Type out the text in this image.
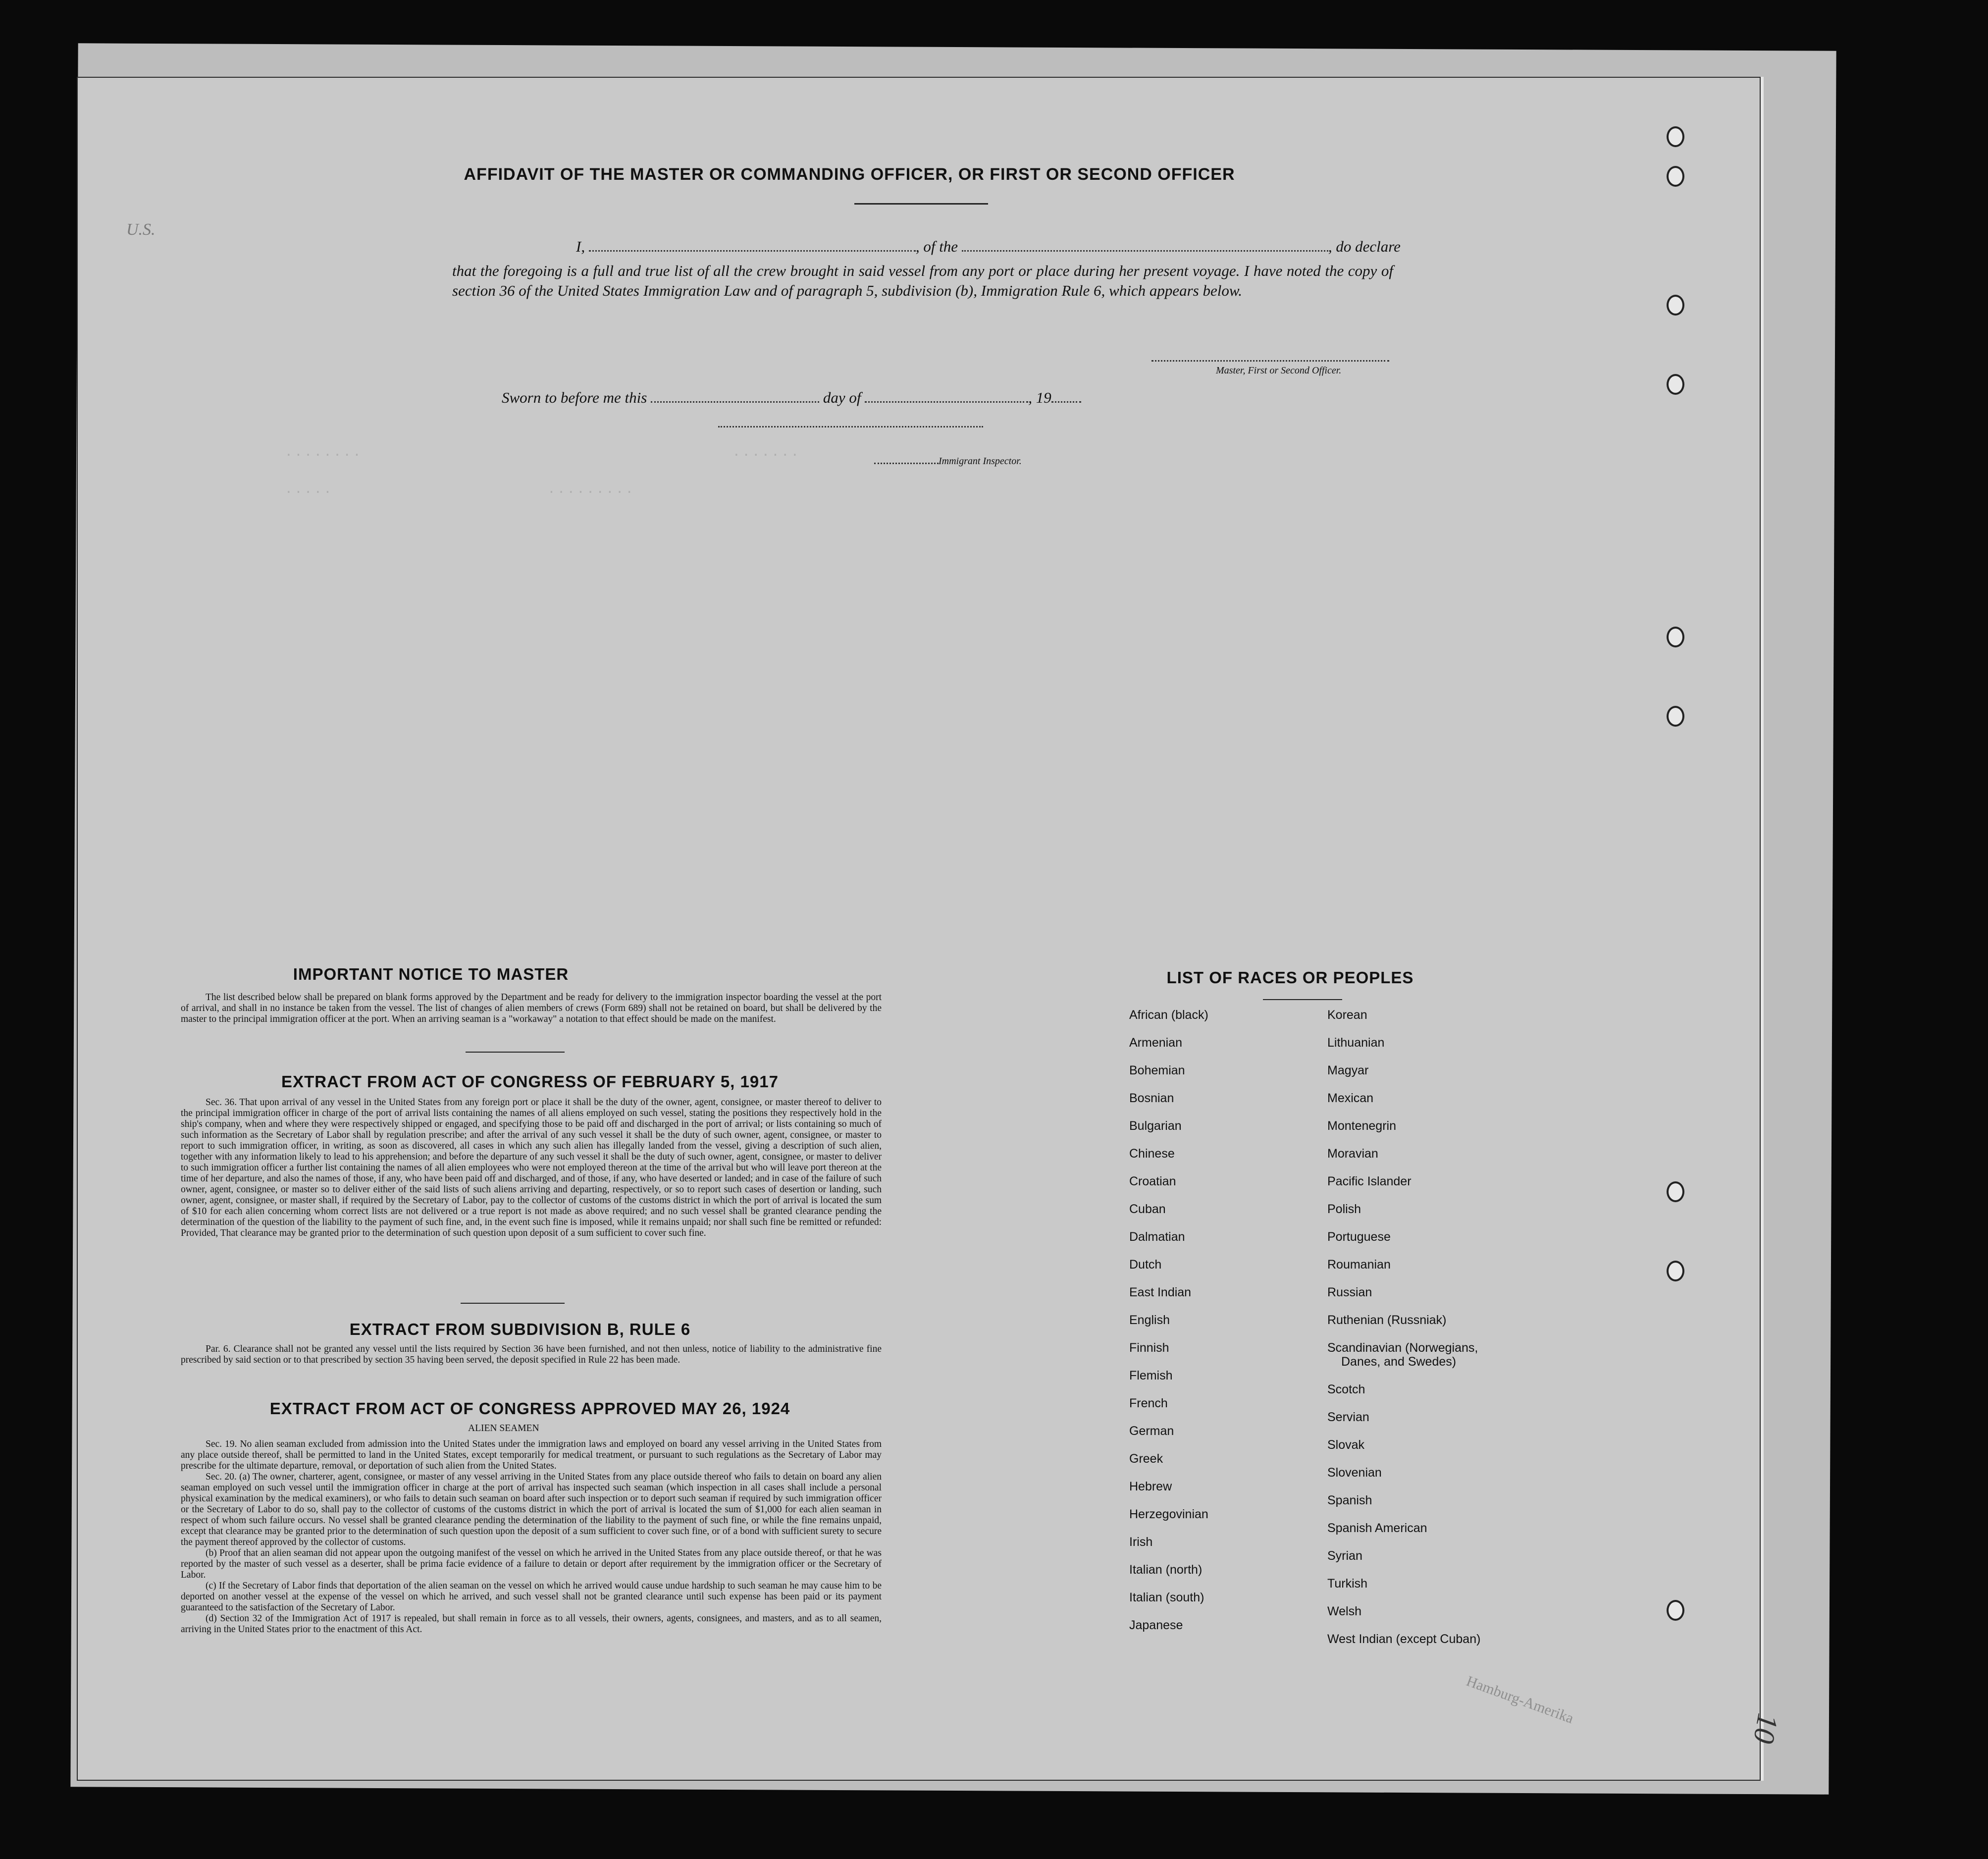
........                                      .......
.....                      .........
U.S.
AFFIDAVIT OF THE MASTER OR COMMANDING OFFICER, OR FIRST OR SECOND OFFICER
I,	, of the	, do declare
that the foregoing is a full and true list of all the crew brought in said vessel from any port or place during her present voyage. I have noted the copy of section 36 of the United States Immigration Law and of paragraph 5, subdivision (b), Immigration Rule 6, which appears below.
Master, First or Second Officer.
Sworn to before me this	day of	, 19
Immigrant Inspector.
IMPORTANT NOTICE TO MASTER
The list described below shall be prepared on blank forms approved by the Department and be ready for delivery to the immigration inspector boarding the vessel at the port of arrival, and shall in no instance be taken from the vessel. The list of changes of alien members of crews (Form 689) shall not be retained on board, but shall be delivered by the master to the principal immigration officer at the port. When an arriving seaman is a "workaway" a notation to that effect should be made on the manifest.
EXTRACT FROM ACT OF CONGRESS OF FEBRUARY 5, 1917
Sec. 36. That upon arrival of any vessel in the United States from any foreign port or place it shall be the duty of the owner, agent, consignee, or master thereof to deliver to the principal immigration officer in charge of the port of arrival lists containing the names of all aliens employed on such vessel, stating the positions they respectively hold in the ship's company, when and where they were respectively shipped or engaged, and specifying those to be paid off and discharged in the port of arrival; or lists containing so much of such information as the Secretary of Labor shall by regulation prescribe; and after the arrival of any such vessel it shall be the duty of such owner, agent, consignee, or master to report to such immigration officer, in writing, as soon as discovered, all cases in which any such alien has illegally landed from the vessel, giving a description of such alien, together with any information likely to lead to his apprehension; and before the departure of any such vessel it shall be the duty of such owner, agent, consignee, or master to deliver to such immigration officer a further list containing the names of all alien employees who were not employed thereon at the time of the arrival but who will leave port thereon at the time of her departure, and also the names of those, if any, who have been paid off and discharged, and of those, if any, who have deserted or landed; and in case of the failure of such owner, agent, consignee, or master so to deliver either of the said lists of such aliens arriving and departing, respectively, or so to report such cases of desertion or landing, such owner, agent, consignee, or master shall, if required by the Secretary of Labor, pay to the collector of customs of the customs district in which the port of arrival is located the sum of $10 for each alien concerning whom correct lists are not delivered or a true report is not made as above required; and no such vessel shall be granted clearance pending the determination of the question of the liability to the payment of such fine, and, in the event such fine is imposed, while it remains unpaid; nor shall such fine be remitted or refunded: Provided, That clearance may be granted prior to the determination of such question upon deposit of a sum sufficient to cover such fine.
EXTRACT FROM SUBDIVISION B, RULE 6
Par. 6. Clearance shall not be granted any vessel until the lists required by Section 36 have been furnished, and not then unless, notice of liability to the administrative fine prescribed by said section or to that prescribed by section 35 having been served, the deposit specified in Rule 22 has been made.
EXTRACT FROM ACT OF CONGRESS APPROVED MAY 26, 1924
ALIEN SEAMEN
Sec. 19. No alien seaman excluded from admission into the United States under the immigration laws and employed on board any vessel arriving in the United States from any place outside thereof, shall be permitted to land in the United States, except temporarily for medical treatment, or pursuant to such regulations as the Secretary of Labor may prescribe for the ultimate departure, removal, or deportation of such alien from the United States.
Sec. 20. (a) The owner, charterer, agent, consignee, or master of any vessel arriving in the United States from any place outside thereof who fails to detain on board any alien seaman employed on such vessel until the immigration officer in charge at the port of arrival has inspected such seaman (which inspection in all cases shall include a personal physical examination by the medical examiners), or who fails to detain such seaman on board after such inspection or to deport such seaman if required by such immigration officer or the Secretary of Labor to do so, shall pay to the collector of customs of the customs district in which the port of arrival is located the sum of $1,000 for each alien seaman in respect of whom such failure occurs. No vessel shall be granted clearance pending the determination of the liability to the payment of such fine, or while the fine remains unpaid, except that clearance may be granted prior to the determination of such question upon the deposit of a sum sufficient to cover such fine, or of a bond with sufficient surety to secure the payment thereof approved by the collector of customs.
(b) Proof that an alien seaman did not appear upon the outgoing manifest of the vessel on which he arrived in the United States from any place outside thereof, or that he was reported by the master of such vessel as a deserter, shall be prima facie evidence of a failure to detain or deport after requirement by the immigration officer or the Secretary of Labor.
(c) If the Secretary of Labor finds that deportation of the alien seaman on the vessel on which he arrived would cause undue hardship to such seaman he may cause him to be deported on another vessel at the expense of the vessel on which he arrived, and such vessel shall not be granted clearance until such expense has been paid or its payment guaranteed to the satisfaction of the Secretary of Labor.
(d) Section 32 of the Immigration Act of 1917 is repealed, but shall remain in force as to all vessels, their owners, agents, consignees, and masters, and as to all seamen, arriving in the United States prior to the enactment of this Act.
LIST OF RACES OR PEOPLES
African (black)
Armenian
Bohemian
Bosnian
Bulgarian
Chinese
Croatian
Cuban
Dalmatian
Dutch
East Indian
English
Finnish
Flemish
French
German
Greek
Hebrew
Herzegovinian
Irish
Italian (north)
Italian (south)
Japanese
Korean
Lithuanian
Magyar
Mexican
Montenegrin
Moravian
Pacific Islander
Polish
Portuguese
Roumanian
Russian
Ruthenian (Russniak)
Scandinavian (Norwegians,
Danes, and Swedes)
Scotch
Servian
Slovak
Slovenian
Spanish
Spanish American
Syrian
Turkish
Welsh
West Indian (except Cuban)
10
Hamburg-Amerika
